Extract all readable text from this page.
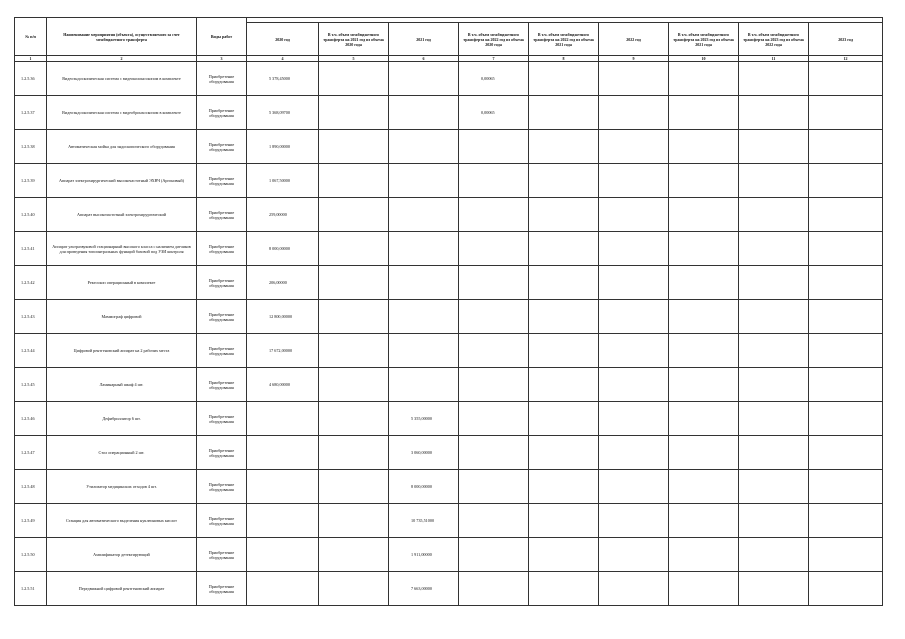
№ п/п	Наименование мероприятия (объекта), осуществляемого за счет межбюджетного трансферта	Виды работ									
			2020 год	В т.ч. объем межбюджетного трансферта на 2021 год из объема 2020 года	2021 год	В т.ч. объем межбюджетного трансферта на 2022 год из объема 2020 года	В т.ч. объем межбюджетного трансферта на 2022 год из объема 2021 года	2022 год	В т.ч. объем межбюджетного трансферта на 2023 год из объема 2021 года	В т.ч. объем межбюджетного трансферта на 2023 год из объема 2022 года	2023 год
1	2	3	4	5	6	7	8	9	10	11	12
1.2.5.36	Видеоэндоскопическая система с видеоколоноскопом в комплекте	Приобретение оборудования	5 378,45000			0,00065					
1.2.5.37	Видеоэндоскопическая система с видеобронхоскопом в комплекте	Приобретение оборудования	5 368,09700			0,00065					
1.2.5.38	Автоматическая мойка для эндоскопического оборудования	Приобретение оборудования	1 890,00000								
1.2.5.39	Аппарат электрохирургический высокочастотный ЭХВЧ (Аргоновый)	Приобретение оборудования	1 067,50000								
1.2.5.40	Аппарат высокочастотный электрохирургический	Приобретение оборудования	259,00000								
1.2.5.41	Аппарат ультразвуковой стационарный высокого класса с наличием датчиков для проведения топоинтральных функций базовой под УЗИ контроля	Приобретение оборудования	8 000,00000								
1.2.5.42	Ректоскоп операционный в комплекте	Приобретение оборудования	206,00000								
1.2.5.43	Маммограф цифровой	Приобретение оборудования	12 800,00000								
1.2.5.44	Цифровой рентгеновский аппарат на 2 рабочих места	Приобретение оборудования	17 672,00000								
1.2.5.45	Ламинарный шкаф 4 шт.	Приобретение оборудования	4 680,00000								
1.2.5.46	Дефибриллятор 6 шт.	Приобретение оборудования			5 355,00000						
1.2.5.47	Стол операционный 2 шт.	Приобретение оборудования			3 060,00000						
1.2.5.48	Утилизатор медицинских отходов 4 шт.	Приобретение оборудования			8 000,00000						
1.2.5.49	Станция для автоматического выделения нуклеиновых кислот	Приобретение оборудования			10 735,51000						
1.2.5.50	Амплификатор детектирующий	Приобретение оборудования			1 911,00000						
1.2.5.51	Передвижной цифровой рентгеновский аппарат	Приобретение оборудования			7 663,00000						
